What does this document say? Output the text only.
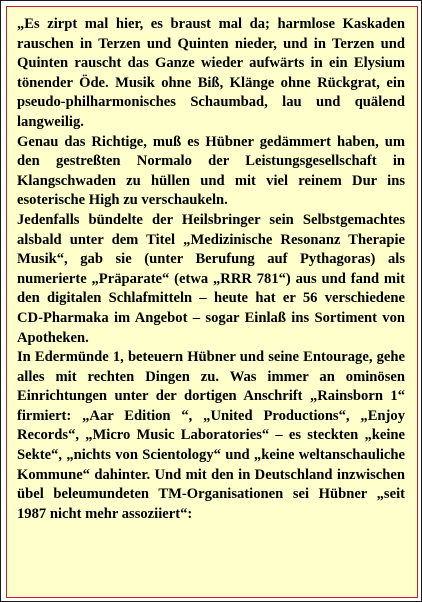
„Es zirpt mal hier, es braust mal da; harmlose Kaskaden rauschen in Terzen und Quinten nieder, und in Terzen und Quinten rauscht das Ganze wieder aufwärts in ein Elysium tönender Öde. Musik ohne Biß, Klänge ohne Rückgrat, ein pseudo-philharmonisches Schaumbad, lau und quälend langweilig.

Genau das Richtige, muß es Hübner gedämmert haben, um den gestreßten Normalo der Leistungsgesellschaft in Klangschwaden zu hüllen und mit viel reinem Dur ins esoterische High zu verschaukeln.

Jedenfalls bündelte der Heilsbringer sein Selbstgemachtes alsbald unter dem Titel „Medizinische Resonanz Therapie Musik“, gab sie (unter Berufung auf Pythagoras) als numerierte „Präparate“ (etwa „RRR 781“) aus und fand mit den digitalen Schlafmitteln – heute hat er 56 verschiedene CD-Pharmaka im Angebot – sogar Einlaß ins Sortiment von Apotheken.

In Edermünde 1, beteuern Hübner und seine Entourage, gehe alles mit rechten Dingen zu. Was immer an ominösen Einrichtungen unter der dortigen Anschrift „Rainsborn 1“ firmiert: „Aar Edition “, „United Productions“, „Enjoy Records“, „Micro Music Laboratories“ – es steckten „keine Sekte“, „nichts von Scientology“ und „keine weltanschauliche Kommune“ dahinter. Und mit den in Deutschland inzwischen übel beleumundeten TM-Organisationen sei Hübner „seit 1987 nicht mehr assoziiert“:
